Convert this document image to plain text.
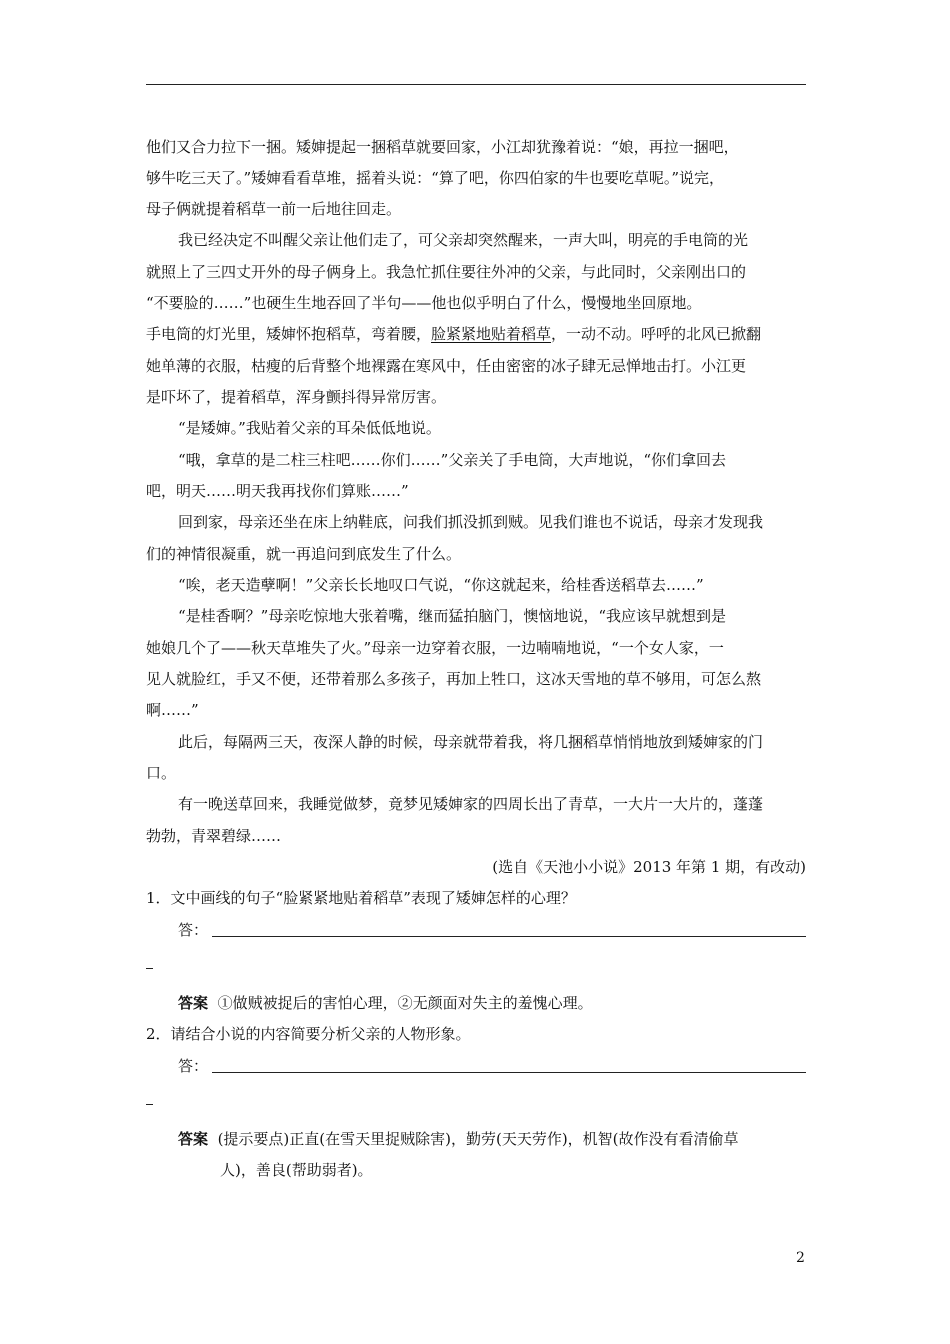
他们又合力拉下一捆。矮婶提起一捆稻草就要回家，小江却犹豫着说：“娘，再拉一捆吧，
够牛吃三天了。”矮婶看看草堆，摇着头说：“算了吧，你四伯家的牛也要吃草呢。”说完，
母子俩就提着稻草一前一后地往回走。
我已经决定不叫醒父亲让他们走了，可父亲却突然醒来，一声大叫，明亮的手电筒的光
就照上了三四丈开外的母子俩身上。我急忙抓住要往外冲的父亲，与此同时，父亲刚出口的
“不要脸的……”也硬生生地吞回了半句——他也似乎明白了什么，慢慢地坐回原地。
手电筒的灯光里，矮婶怀抱稻草，弯着腰，脸紧紧地贴着稻草，一动不动。呼呼的北风已掀翻
她单薄的衣服，枯瘦的后背整个地裸露在寒风中，任由密密的冰子肆无忌惮地击打。小江更
是吓坏了，提着稻草，浑身颤抖得异常厉害。
“是矮婶。”我贴着父亲的耳朵低低地说。
“哦，拿草的是二柱三柱吧……你们……”父亲关了手电筒，大声地说，“你们拿回去
吧，明天……明天我再找你们算账……”
回到家，母亲还坐在床上纳鞋底，问我们抓没抓到贼。见我们谁也不说话，母亲才发现我
们的神情很凝重，就一再追问到底发生了什么。
“唉，老天造孽啊！”父亲长长地叹口气说，“你这就起来，给桂香送稻草去……”
“是桂香啊？”母亲吃惊地大张着嘴，继而猛拍脑门，懊恼地说，“我应该早就想到是
她娘几个了——秋天草堆失了火。”母亲一边穿着衣服，一边喃喃地说，“一个女人家，一
见人就脸红，手又不便，还带着那么多孩子，再加上牲口，这冰天雪地的草不够用，可怎么熬
啊……”
此后，每隔两三天，夜深人静的时候，母亲就带着我，将几捆稻草悄悄地放到矮婶家的门
口。
有一晚送草回来，我睡觉做梦，竟梦见矮婶家的四周长出了青草，一大片一大片的，蓬蓬
勃勃，青翠碧绿……
(选自《天池小小说》2013 年第 1 期，有改动)
1．文中画线的句子“脸紧紧地贴着稻草”表现了矮婶怎样的心理？
答：
答案 ①做贼被捉后的害怕心理，②无颜面对失主的羞愧心理。
2．请结合小说的内容简要分析父亲的人物形象。
答：
答案 (提示要点)正直(在雪天里捉贼除害)，勤劳(天天劳作)，机智(故作没有看清偷草
人)，善良(帮助弱者)。
2
